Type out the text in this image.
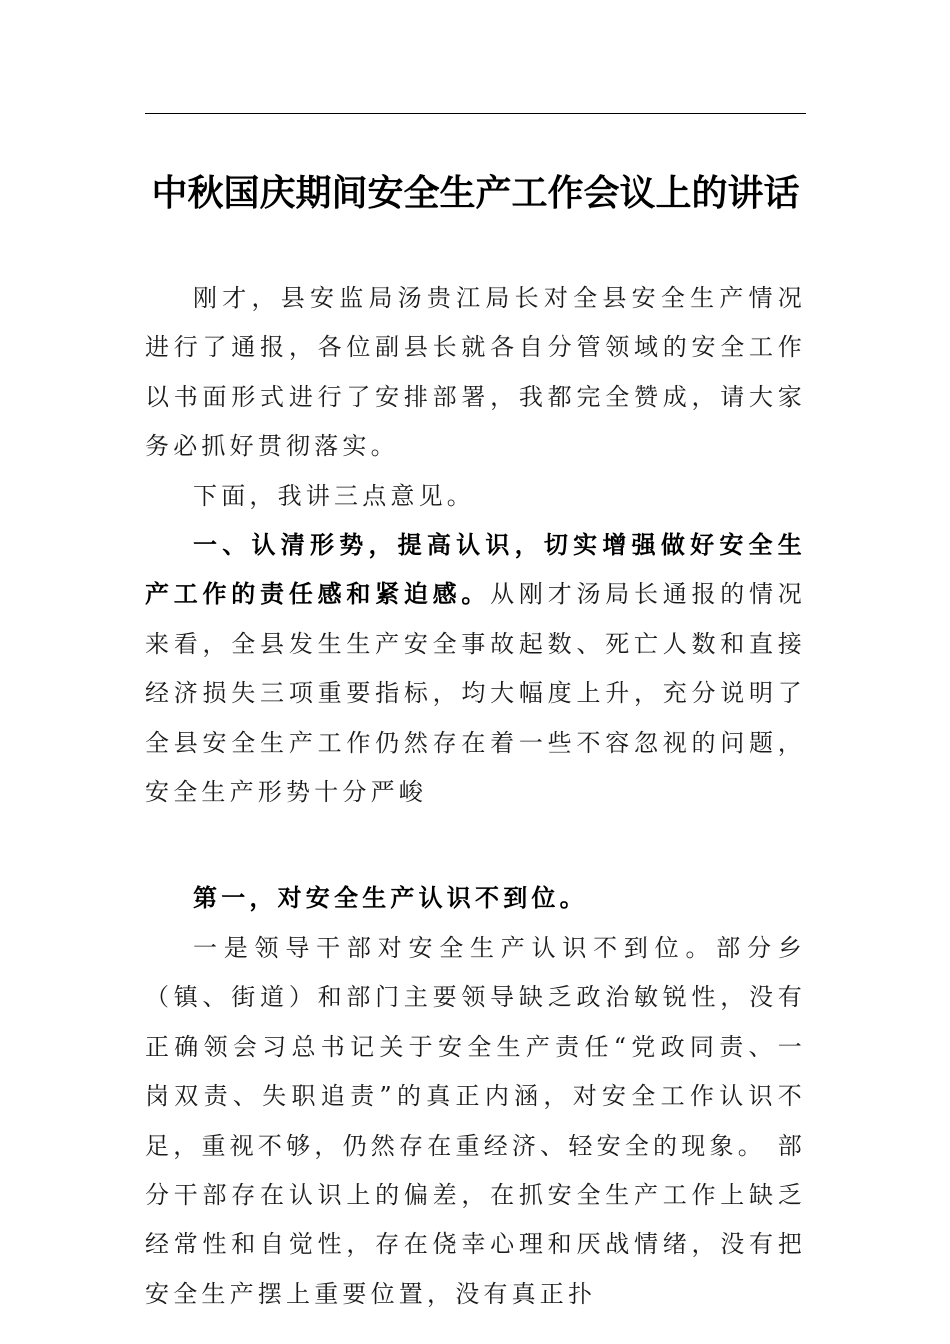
中秋国庆期间安全生产工作会议上的讲话

刚才，县安监局汤贵江局长对全县安全生产情况进行了通报，各位副县长就各自分管领域的安全工作以书面形式进行了安排部署，我都完全赞成，请大家务必抓好贯彻落实。

下面，我讲三点意见。

一、认清形势，提高认识，切实增强做好安全生产工作的责任感和紧迫感。从刚才汤局长通报的情况来看，全县发生生产安全事故起数、死亡人数和直接经济损失三项重要指标，均大幅度上升，充分说明了全县安全生产工作仍然存在着一些不容忽视的问题，安全生产形势十分严峻

第一，对安全生产认识不到位。

一是领导干部对安全生产认识不到位。部分乡（镇、街道）和部门主要领导缺乏政治敏锐性，没有正确领会习总书记关于安全生产责任“党政同责、一岗双责、失职追责”的真正内涵，对安全工作认识不足，重视不够，仍然存在重经济、轻安全的现象。 部分干部存在认识上的偏差，在抓安全生产工作上缺乏经常性和自觉性，存在侥幸心理和厌战情绪，没有把安全生产摆上重要位置，没有真正扑
